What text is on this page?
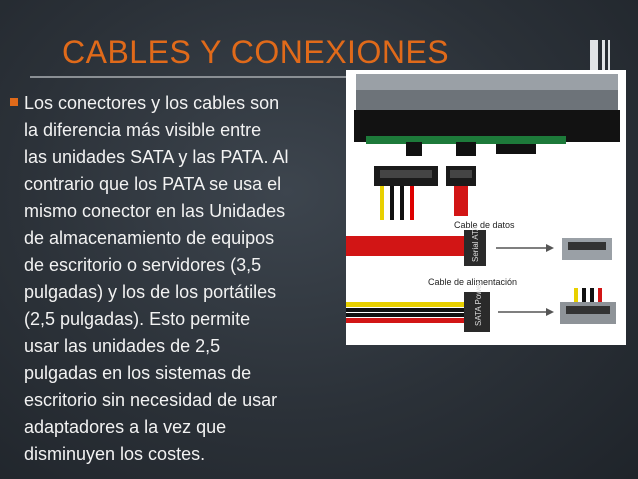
CABLES Y CONEXIONES
Los conectores y los cables son
la diferencia más visible entre
las unidades SATA y las PATA. Al
contrario que los PATA se usa el
mismo conector en las Unidades
de almacenamiento de equipos
de escritorio o servidores (3,5
pulgadas) y los de los portátiles
(2,5 pulgadas). Esto permite
usar las unidades de 2,5
pulgadas en los sistemas de
escritorio sin necesidad de usar
adaptadores a la vez que
disminuyen los costes.
Cable de datos
Serial ATA
Cable de alimentación
SATA Power
